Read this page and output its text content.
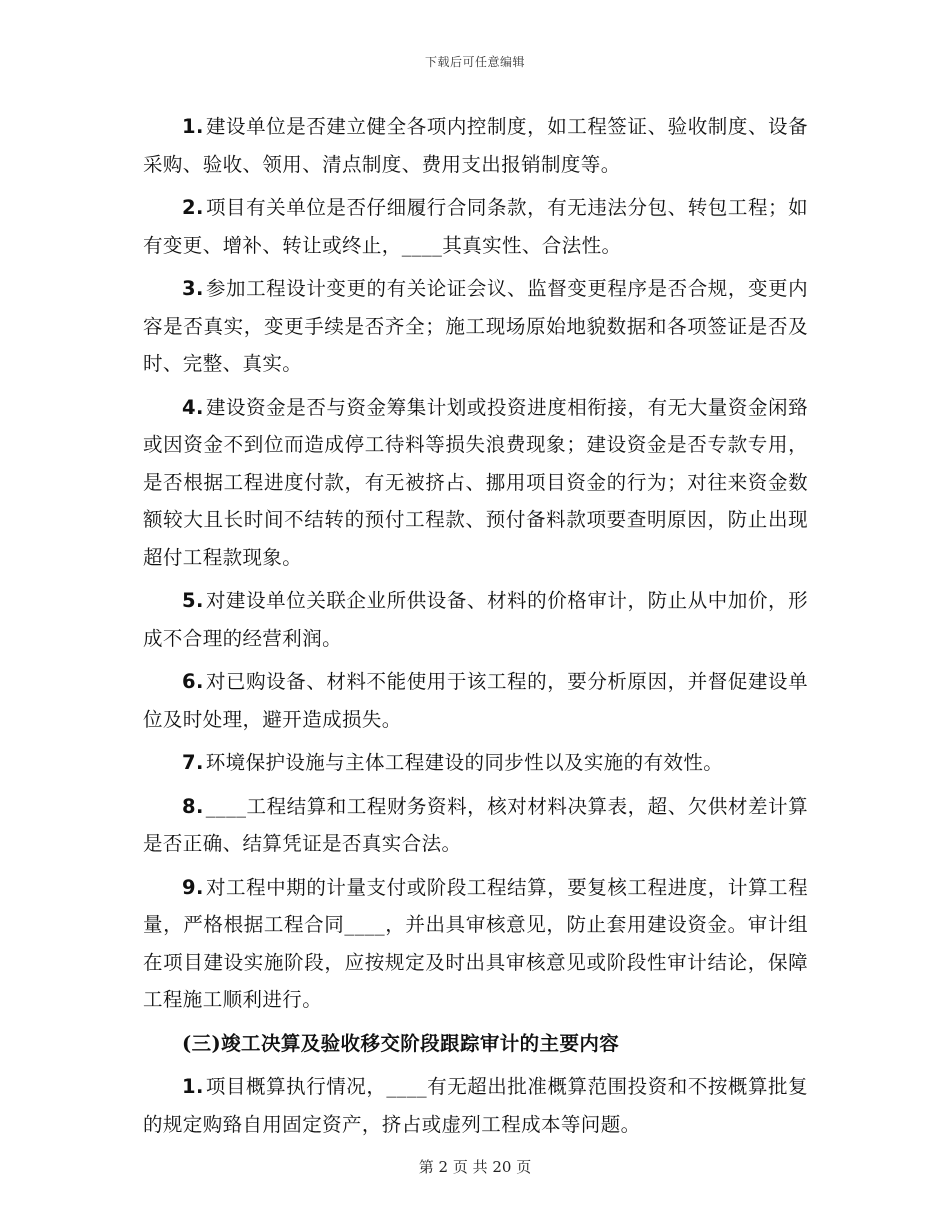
下载后可任意编辑

1. 建设单位是否建立健全各项内控制度，如工程签证、验收制度、设备采购、验收、领用、清点制度、费用支出报销制度等。

2. 项目有关单位是否仔细履行合同条款，有无违法分包、转包工程；如有变更、增补、转让或终止，____其真实性、合法性。

3. 参加工程设计变更的有关论证会议、监督变更程序是否合规，变更内容是否真实，变更手续是否齐全；施工现场原始地貌数据和各项签证是否及时、完整、真实。

4. 建设资金是否与资金筹集计划或投资进度相衔接，有无大量资金闲臵或因资金不到位而造成停工待料等损失浪费现象；建设资金是否专款专用，是否根据工程进度付款，有无被挤占、挪用项目资金的行为；对往来资金数额较大且长时间不结转的预付工程款、预付备料款项要查明原因，防止出现超付工程款现象。

5. 对建设单位关联企业所供设备、材料的价格审计，防止从中加价，形成不合理的经营利润。

6. 对已购设备、材料不能使用于该工程的，要分析原因，并督促建设单位及时处理，避开造成损失。

7. 环境保护设施与主体工程建设的同步性以及实施的有效性。

8. ____工程结算和工程财务资料，核对材料决算表，超、欠供材差计算是否正确、结算凭证是否真实合法。

9. 对工程中期的计量支付或阶段工程结算，要复核工程进度，计算工程量，严格根据工程合同____，并出具审核意见，防止套用建设资金。审计组在项目建设实施阶段，应按规定及时出具审核意见或阶段性审计结论，保障工程施工顺利进行。

(三)竣工决算及验收移交阶段跟踪审计的主要内容

1. 项目概算执行情况，____有无超出批准概算范围投资和不按概算批复的规定购臵自用固定资产，挤占或虚列工程成本等问题。

第 2 页 共 20 页
